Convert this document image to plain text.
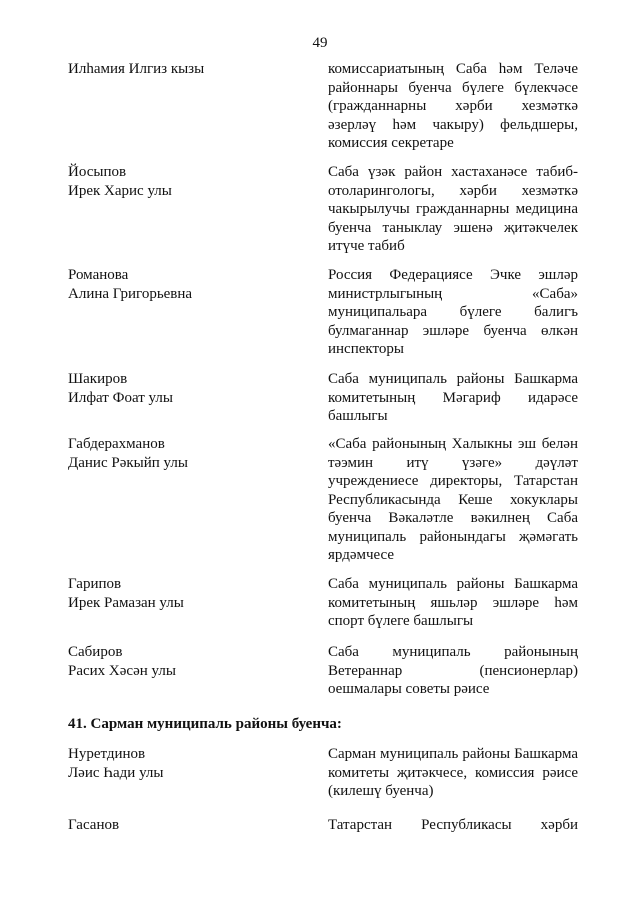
49
Илһамия Илгиз кызы	комиссариатының Саба һәм Теләче районнары буенча бүлеге бүлекчәсе (гражданнарны хәрби хезмәткә әзерләү һәм чакыру) фельдшеры, комиссия секретаре
Йосыпов
Ирек Харис улы
Саба үзәк район хастаханәсе табиб-отоларингологы, хәрби хезмәткә чакырылучы гражданнарны медицина буенча таныклау эшенә җитәкчелек итүче табиб
Романова
Алина Григорьевна
Россия Федерациясе Эчке эшләр министрлыгының «Саба» муниципальара бүлеге балигъ булмаганнар эшләре буенча өлкән инспекторы
Шакиров
Илфат Фоат улы
Саба муниципаль районы Башкарма комитетының Мәгариф идарәсе башлыгы
Габдерахманов
Данис Рәкыйп улы
«Саба районының Халыкны эш белән тәэмин итү үзәге» дәүләт учреждениесе директоры, Татарстан Республикасында Кеше хокуклары буенча Вәкаләтле вәкилнең Саба муниципаль районындагы җәмәгать ярдәмчесе
Гарипов
Ирек Рамазан улы
Саба муниципаль районы Башкарма комитетының яшьләр эшләре һәм спорт бүлеге башлыгы
Сабиров
Расих Хәсән улы
Саба муниципаль районының Ветераннар (пенсионерлар) оешмалары советы рәисе
41. Сарман муниципаль районы буенча:
Нуретдинов
Ләис Һади улы
Сарман муниципаль районы Башкарма комитеты җитәкчесе, комиссия рәисе (килешү буенча)
Гасанов	Татарстан Республикасы хәрби
